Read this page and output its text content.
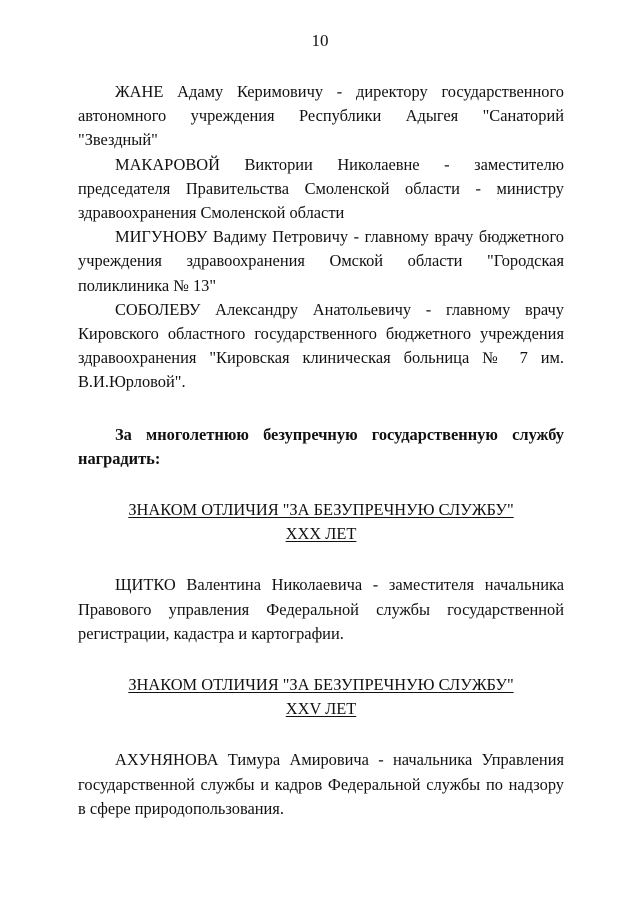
10

ЖАНЕ Адаму Керимовичу - директору государственного автономного учреждения Республики Адыгея "Санаторий "Звездный"

МАКАРОВОЙ Виктории Николаевне - заместителю председателя Правительства Смоленской области - министру здравоохранения Смоленской области

МИГУНОВУ Вадиму Петровичу - главному врачу бюджетного учреждения здравоохранения Омской области "Городская поликлиника № 13"

СОБОЛЕВУ Александру Анатольевичу - главному врачу Кировского областного государственного бюджетного учреждения здравоохранения "Кировская клиническая больница № 7 им. В.И.Юрловой".

За многолетнюю безупречную государственную службу наградить:

ЗНАКОМ ОТЛИЧИЯ "ЗА БЕЗУПРЕЧНУЮ СЛУЖБУ"
XXX ЛЕТ

ЩИТКО Валентина Николаевича - заместителя начальника Правового управления Федеральной службы государственной регистрации, кадастра и картографии.

ЗНАКОМ ОТЛИЧИЯ "ЗА БЕЗУПРЕЧНУЮ СЛУЖБУ"
XXV ЛЕТ

АХУНЯНОВА Тимура Амировича - начальника Управления государственной службы и кадров Федеральной службы по надзору в сфере природопользования.
